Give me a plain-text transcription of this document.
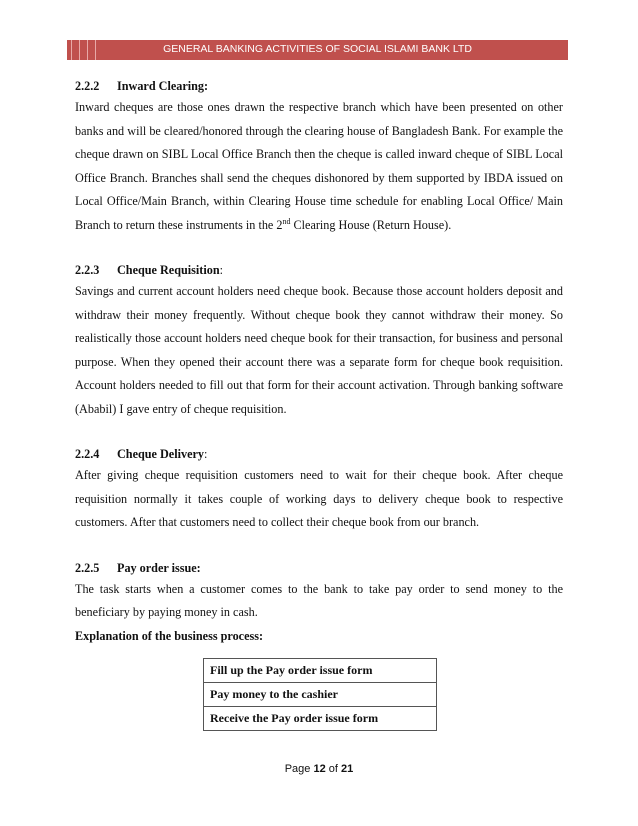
GENERAL BANKING ACTIVITIES OF SOCIAL ISLAMI BANK LTD

2.2.2 Inward Clearing:

Inward cheques are those ones drawn the respective branch which have been presented on other banks and will be cleared/honored through the clearing house of Bangladesh Bank. For example the cheque drawn on SIBL Local Office Branch then the cheque is called inward cheque of SIBL Local Office Branch. Branches shall send the cheques dishonored by them supported by IBDA issued on Local Office/Main Branch, within Clearing House time schedule for enabling Local Office/ Main Branch to return these instruments in the 2nd Clearing House (Return House).

2.2.3 Cheque Requisition:

Savings and current account holders need cheque book. Because those account holders deposit and withdraw their money frequently. Without cheque book they cannot withdraw their money. So realistically those account holders need cheque book for their transaction, for business and personal purpose. When they opened their account there was a separate form for cheque book requisition. Account holders needed to fill out that form for their account activation. Through banking software (Ababil) I gave entry of cheque requisition.

2.2.4 Cheque Delivery:

After giving cheque requisition customers need to wait for their cheque book. After cheque requisition normally it takes couple of working days to delivery cheque book to respective customers. After that customers need to collect their cheque book from our branch.

2.2.5 Pay order issue:

The task starts when a customer comes to the bank to take pay order to send money to the beneficiary by paying money in cash.

Explanation of the business process:

Fill up the Pay order issue form
Pay money to the cashier
Receive the Pay order issue form
Page 12 of 21
